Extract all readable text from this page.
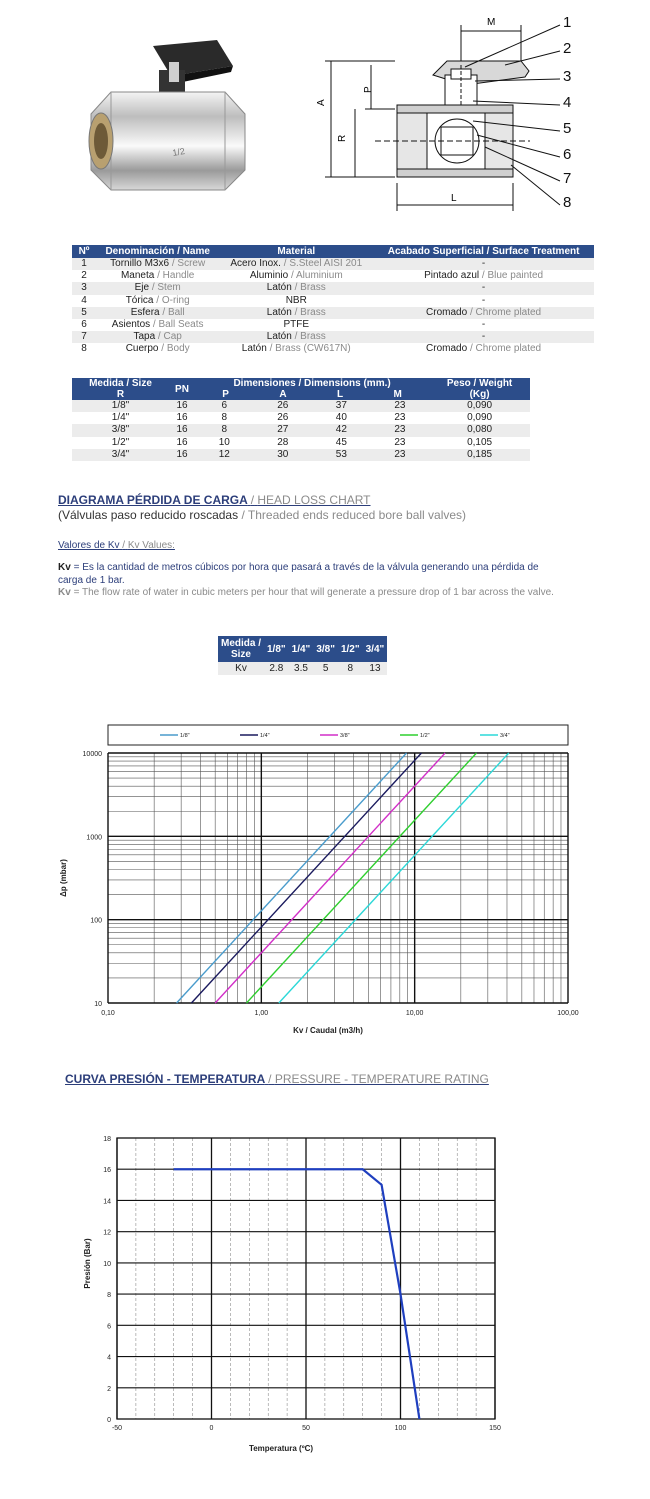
1/2
M
A
P
R
L
1
2
3
4
5
6
7
8
Nº	Denominación / Name	Material	Acabado Superficial / Surface Treatment
1	Tornillo M3x6 / Screw	Acero Inox. / S.Steel AISI 201	-
2	Maneta / Handle	Aluminio / Aluminium	Pintado azul / Blue painted
3	Eje / Stem	Latón / Brass	-
4	Tórica / O-ring	NBR	-
5	Esfera / Ball	Latón / Brass	Cromado / Chrome plated
6	Asientos / Ball Seats	PTFE	-
7	Tapa / Cap	Latón / Brass	-
8	Cuerpo / Body	Latón / Brass (CW617N)	Cromado / Chrome plated
Medida / Size
R	PN	Dimensiones / Dimensions (mm.)

P A L M				Peso / Weight
(Kg)
1/8"	16	6	26	37	23	0,090
1/4"	16	8	26	40	23	0,090
3/8"	16	8	27	42	23	0,080
1/2"	16	10	28	45	23	0,105
3/4"	16	12	30	53	23	0,185
DIAGRAMA PÉRDIDA DE CARGA / HEAD LOSS CHART
(Válvulas paso reducido roscadas / Threaded ends reduced bore ball valves)
Valores de Kv / Kv Values:
Kv = Es la cantidad de metros cúbicos por hora que pasará a través de la válvula generando una pérdida de carga de 1 bar.
Kv = The flow rate of water in cubic meters per hour that will generate a pressure drop of 1 bar across the valve.
Medida / Size	1/8"	1/4"	3/8"	1/2"	3/4"
Kv	2.8	3.5	5	8	13
1/8"	1/4"	3/8"	1/2"	3/4"
0,10	1,00	10,00	100,00
10
100
1000
10000
Kv / Caudal (m3/h)
Δp (mbar)
CURVA PRESIÓN - TEMPERATURA / PRESSURE - TEMPERATURE RATING
-50	0	50	100	150
0
2
4
6
8
10
12
14
16
18
Temperatura (ºC)
Presión (Bar)
